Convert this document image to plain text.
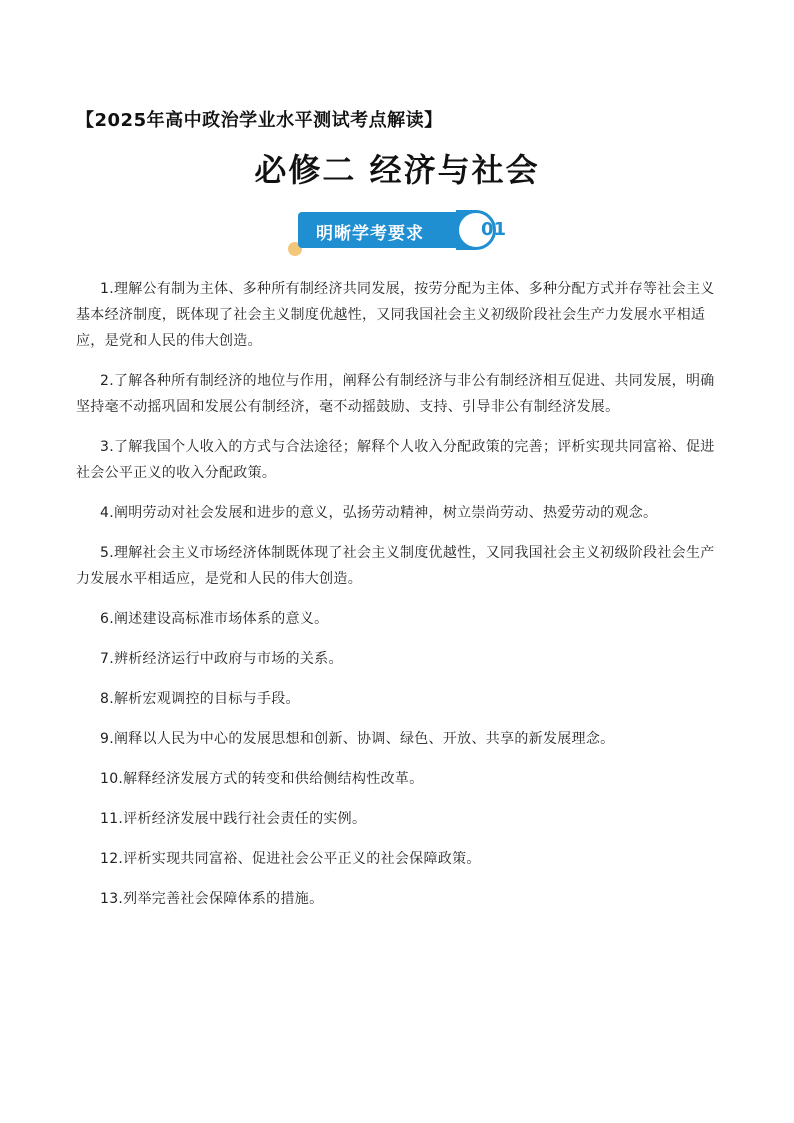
【2025年高中政治学业水平测试考点解读】
必修二 经济与社会
明晰学考要求	01

1.理解公有制为主体、多种所有制经济共同发展，按劳分配为主体、多种分配方式并存等社会主义基本经济制度，既体现了社会主义制度优越性，又同我国社会主义初级阶段社会生产力发展水平相适应，是党和人民的伟大创造。

2.了解各种所有制经济的地位与作用，阐释公有制经济与非公有制经济相互促进、共同发展，明确坚持毫不动摇巩固和发展公有制经济，毫不动摇鼓励、支持、引导非公有制经济发展。

3.了解我国个人收入的方式与合法途径；解释个人收入分配政策的完善；评析实现共同富裕、促进社会公平正义的收入分配政策。

4.阐明劳动对社会发展和进步的意义，弘扬劳动精神，树立崇尚劳动、热爱劳动的观念。

5.理解社会主义市场经济体制既体现了社会主义制度优越性，又同我国社会主义初级阶段社会生产力发展水平相适应，是党和人民的伟大创造。

6.阐述建设高标准市场体系的意义。

7.辨析经济运行中政府与市场的关系。

8.解析宏观调控的目标与手段。

9.阐释以人民为中心的发展思想和创新、协调、绿色、开放、共享的新发展理念。

10.解释经济发展方式的转变和供给侧结构性改革。

11.评析经济发展中践行社会责任的实例。

12.评析实现共同富裕、促进社会公平正义的社会保障政策。

13.列举完善社会保障体系的措施。
